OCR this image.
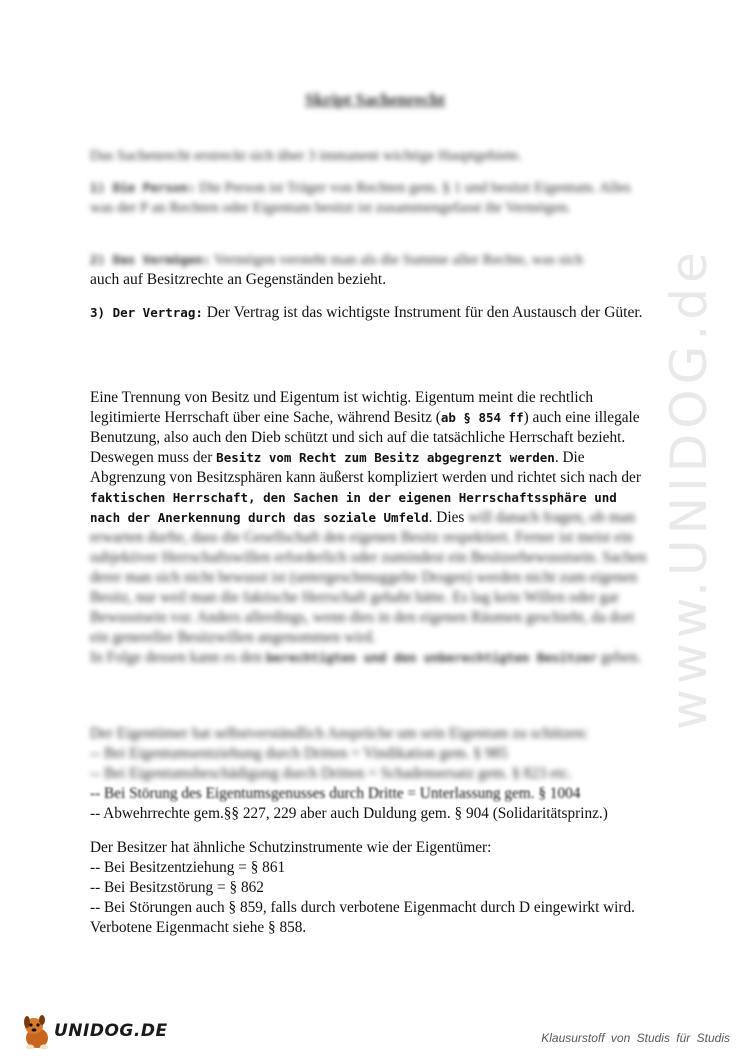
www.UNIDOG.de
Skript Sachenrecht
Das Sachenrecht erstreckt sich über 3 immanent wichtige Hauptgebiete.
1) Die Person: Die Person ist Träger von Rechten gem. § 1 und besitzt Eigentum. Alles was der P an Rechten oder Eigentum besitzt ist zusammengefasst ihr Vermögen.
2) Das Vermögen: Vermögen versteht man als die Summe aller Rechte, was sich
auch auf Besitzrechte an Gegenständen bezieht.
3) Der Vertrag: Der Vertrag ist das wichtigste Instrument für den Austausch der Güter.
Eine Trennung von Besitz und Eigentum ist wichtig. Eigentum meint die rechtlich legitimierte Herrschaft über eine Sache, während Besitz (ab § 854 ff) auch eine illegale Benutzung, also auch den Dieb schützt und sich auf die tatsächliche Herrschaft bezieht. Deswegen muss der Besitz vom Recht zum Besitz abgegrenzt werden. Die Abgrenzung von Besitzsphären kann äußerst kompliziert werden und richtet sich nach der faktischen Herrschaft, den Sachen in der eigenen Herrschaftssphäre und nach der Anerkennung durch das soziale Umfeld. Dies will danach fragen, ob man erwarten durfte, dass die Gesellschaft den eigenen Besitz respektiert. Ferner ist meist ein subjektiver Herrschaftswillen erforderlich oder zumindest ein Besitzerbewusstsein. Sachen derer man sich nicht bewusst ist (untergeschmuggelte Drogen) werden nicht zum eigenen Besitz, nur weil man die faktische Herrschaft gehabt hätte. Es lag kein Willen oder gar Bewusstsein vor. Anders allerdings, wenn dies in den eigenen Räumen geschieht, da dort ein genereller Besitzwillen angenommen wird.
In Folge dessen kann es den berechtigten und den unberechtigten Besitzer geben.
Der Eigentümer hat selbstverständlich Ansprüche um sein Eigentum zu schützen:
-- Bei Eigentumsentziehung durch Dritten = Vindikation gem. § 985
-- Bei Eigentumsbeschädigung durch Dritten = Schadensersatz gem. § 823 etc.
-- Bei Störung des Eigentumsgenusses durch Dritte = Unterlassung gem. § 1004
-- Abwehrrechte gem.§§ 227, 229 aber auch Duldung gem. § 904 (Solidaritätsprinz.)
Der Besitzer hat ähnliche Schutzinstrumente wie der Eigentümer:
-- Bei Besitzentziehung = § 861
-- Bei Besitzstörung = § 862
-- Bei Störungen auch § 859, falls durch verbotene Eigenmacht durch D eingewirkt wird. Verbotene Eigenmacht siehe § 858.
UNIDOG.DE	Klausurstoff von Studis für Studis
